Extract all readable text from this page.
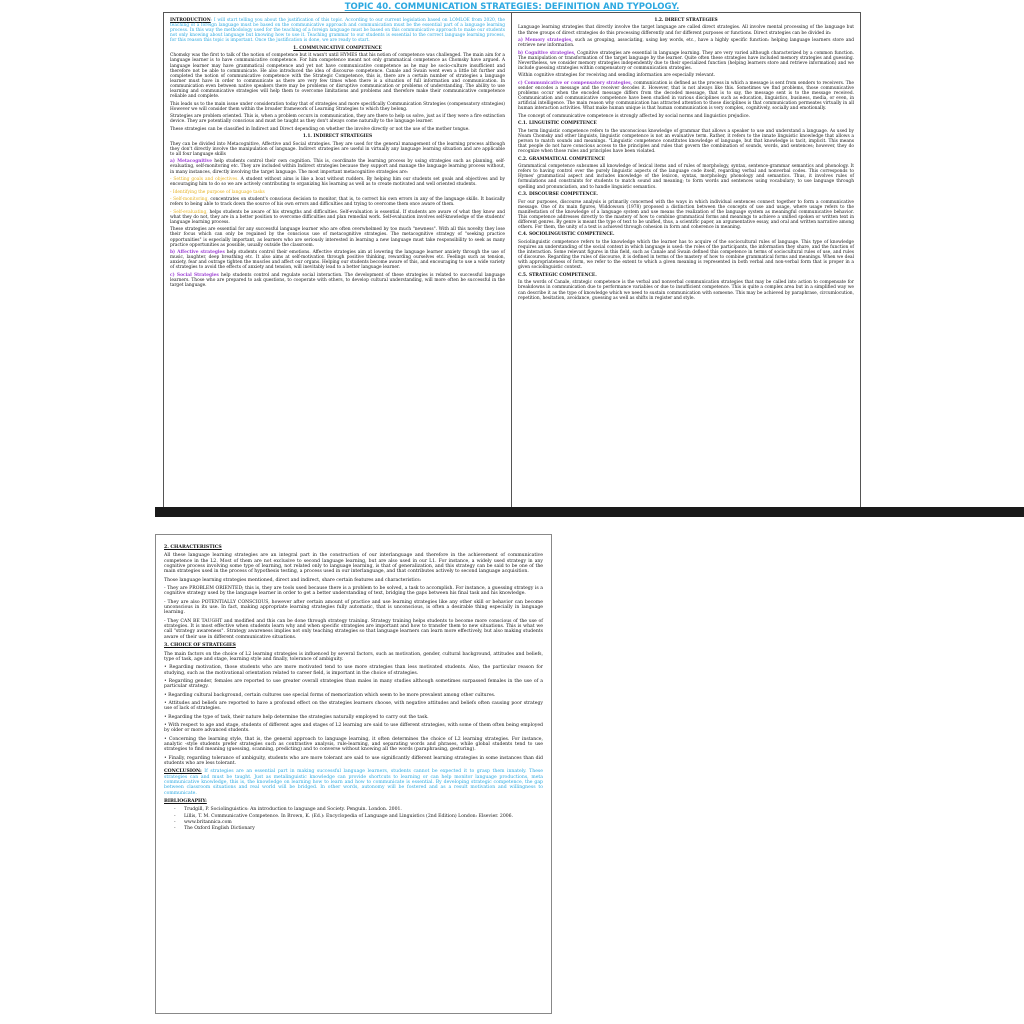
TOPIC 40. COMMUNICATION STRATEGIES: DEFINITION AND TYPOLOGY.

INTRODUCTION: I will start telling you about the justification of this topic. According to our current legislation based on LOMLOE from 2020, the teaching of a foreign language must be based on the communicative approach and communication must be the essential part of a language learning process. In this way the methodology used for the teaching of a foreign language must be based on this communicative approach to make our students not only knowing about language but knowing how to use it. Teaching grammar to our students is essential to the correct language learning process, for this reason this topic is important. Once the justification is done, we are ready to start.

1. COMMUNICATIVE COMPETENCE

Chomsky was the first to talk of the notion of competence but it wasn't until HYMES that his notion of competence was challenged. The main aim for a language learner is to have communicative competence. For him competence meant not only grammatical competence as Chomsky have argued. A language learner may have grammatical competence and yet not have communicative competence as he may be socio-culture insufficient and therefore not be able to communicate. He also introduced the idea of discourse competence. Canale and Swain went even a little bit further and completed the notion of communicative competence with the Strategic Competence, this is, there are a certain number of strategies a language learner must have in order to communicate as there are very few times when there is a situation of full information and communication. In communication even between native speakers there may be problems or disruptive communication or problems of understanding. The ability to use learning and communicative strategies will help them to overcome limitations and problems and therefore make their communicative competence reliable and complete.

This leads us to the main issue under consideration today that of strategies and more specifically Communication Strategies (compensatory strategies) However we will consider them within the broader framework of Learning Strategies to which they belong.

Strategies are problem oriented. This is, when a problem occurs in communication, they are there to help us solve, just as if they were a fire extinction device. They are potentially conscious and must be taught as they don't always come naturally to the language learner.

These strategies can be classified in Indirect and Direct depending on whether the involve directly or not the use of the mother tongue.

1.1. INDIRECT STRATEGIES

They can be divided into Metacognitive, Affective and Social strategies. They are used for the general management of the learning process although they don't directly involve the manipulation of language. Indirect strategies are useful in virtually any language learning situation and are applicable to all four language skills

a) Metacognitive help students control their own cognition. This is, coordinate the learning process by using strategies such as planning, self-evaluating, self-monitoring etc. They are included within Indirect strategies because they support and manage the language learning process without, in many instances, directly involving the target language. The most important metacognitive strategies are:

- Setting goals and objectives. A student without aims is like a boat without rudders. By helping him our students set goals and objectives and by encouraging him to do so we are actively contributing to organizing his learning as well as to create motivated and well oriented students.

- Identifying the purpose of language tasks

- Self-monitoring, concentrates on student's conscious decision to monitor, that is, to correct his own errors in any of the language skills. It basically refers to being able to track down the source of his own errors and difficulties and trying to overcome them once aware of them.

- Self-evaluating, helps students be aware of his strengths and difficulties. Self-evaluation is essential. If students are aware of what they know and what they do not, they are in a better position to overcome difficulties and plan remedial work. Self-evaluation involves self-knowledge of the students' language learning process.

These strategies are essential for any successful language learner who are often overwhelmed by too much "newness". With all this novelty they lose their focus which can only be regained by the conscious use of metacognitive strategies. The metacognitive strategy of "seeking practice opportunities" is especially important, as learners who are seriously interested in learning a new language must take responsibility to seek as many practice opportunities as possible, usually outside the classroom.

b) Affective strategies help students control their emotions. Affective strategies aim at lowering the language learner anxiety through the use of music, laughter, deep breathing etc. It also aims at self-motivation through positive thinking, rewarding ourselves etc. Feelings such as tension, anxiety, fear and outrage tighten the muscles and affect our organs. Helping our students become aware of this, and encouraging to use a wide variety of strategies to avoid the effects of anxiety and tension, will inevitably lead to a better language learner.

c) Social Strategies help students control and regulate social interaction. The development of these strategies is related to successful language learners. Those who are prepared to ask questions, to cooperate with others, to develop cultural understanding, will more often be successful in the target language.

1.2. DIRECT STRATEGIES

Language learning strategies that directly involve the target language are called direct strategies. All involve mental processing of the language but the three groups of direct strategies do this processing differently and for different purposes or functions. Direct strategies can be divided in:

a) Memory strategies, such as grouping, associating, using key words, etc., have a highly specific function: helping language learners store and retrieve new information.

b) Cognitive strategies, Cognitive strategies are essential in language learning. They are very varied although characterized by a common function. The manipulation or transformation of the target language by the learner. Quite often these strategies have included memory strategies and guessing. Nevertheless, we consider memory strategies independently due to their specialized function (helping learners store and retrieve information) and we include guessing strategies within compensatory or communication strategies.

Within cognitive strategies for receiving and sending information are especially relevant.

c) Communicative or compensatory strategies, communication is defined as the process in which a message is sent from senders to receivers. The sender encodes a message and the receiver decodes it. However, that is not always like this. Sometimes we find problems, those communicative problems occur when the encoded message differs from the decoded message, that is to say, the message sent is to the message received. Communication and communicative competence have been studied in various disciplines such as education, linguistics, business, media, or even, in artificial intelligence. The main reason why communication has attracted attention to those disciplines is that communication permeates virtually in all human interaction activities. What make human unique is that human communication is very complex, cognitively, socially and emotionally.

The concept of communicative competence is strongly affected by social norms and linguistics prejudice.

C.1. LINGUISTIC COMPETENCE

The term linguistic competence refers to the unconscious knowledge of grammar that allows a speaker to use and understand a language. As used by Noam Chomsky and other linguists, linguistic competence is not an evaluative term. Rather, it refers to the innate linguistic knowledge that allows a person to match sounds and meanings. "Linguistic competence constitutes knowledge of language, but that knowledge is tacit, implicit. This means that people do not have conscious access to the principles and rules that govern the combination of sounds, words, and sentences; however, they do recognize when those rules and principles have been violated.

C.2. GRAMMATICAL COMPETENCE

Grammatical competence subsumes all knowledge of lexical items and of rules of morphology, syntax, sentence-grammar semantics and phonology. It refers to having control over the purely linguistic aspects of the language code itself, regarding verbal and nonverbal codes. This corresponds to Hymes' grammatical aspect and includes knowledge of the lexicon, syntax, morphology, phonology and semantics. Thus, it involves rules of formulations and constraints for students to match sound and meaning; to form words and sentences using vocabulary; to use language through spelling and pronunciation, and to handle linguistic semantics.

C.3. DISCOURSE COMPETENCE.

For our purposes, discourse analysis is primarily concerned with the ways in which individual sentences connect together to form a communicative message. One of its main figures, Widdowson (1978) proposed a distinction between the concepts of use and usage, where usage refers to the manifestation of the knowledge of a language system and use means the realization of the language system as meaningful communicative behavior. This competence addresses directly to the mastery of how to combine grammatical forms and meanings to achieve a unified spoken or written text in different genres. By genre is meant the type of text to be unified, thus, a scientific paper, an argumentative essay, and oral and written narrative among others. For them, the unity of a text is achieved through cohesion in form and coherence in meaning.

C.4. SOCIOLINGUISTIC COMPETENCE.

Sociolinguistic competence refers to the knowledge which the learner has to acquire of the sociocultural rules of language. This type of knowledge requires an understanding of the social context in which language is used: the roles of the participants, the information they share, and the function of the interaction. Some relevant figures in this field, such as Canale and Swain defined this competence in terms of sociocultural rules of use, and rules of discourse. Regarding the rules of discourse, it is defined in terms of the mastery of how to combine grammatical forms and meanings. When we deal with appropriateness of form, we refer to the extent to which a given meaning is represented in both verbal and non-verbal form that is proper in a given sociolinguistic context.

C.5. STRATEGIC COMPETENCE.

In the words of Canale, strategic competence is the verbal and nonverbal communication strategies that may be called into action to compensate for breakdowns in communication due to performance variables or due to insufficient competence. This is quite a complex area but in a simplified way we can describe it as the type of knowledge which we need to sustain communication with someone. This may be achieved by paraphrase, circumlocution, repetition, hesitation, avoidance, guessing as well as shifts in register and style.

2. CHARACTERISTICS

All these language learning strategies are an integral part in the construction of our interlanguage and therefore in the achievement of communicative competence in the L2. Most of them are not exclusive to second language learning, but are also used in our L1. For instance, a widely used strategy in any cognitive process involving some type of learning, not related only to language learning, is that of generalization, and this strategy can be said to be one of the main strategies used in the process of hypothesis testing, a process used in our interlanguage, and that contributes actively to second language acquisition.

Those language learning strategies mentioned, direct and indirect, share certain features and characteristics:

- They are PROBLEM ORIENTED; this is, they are tools used because there is a problem to be solved, a task to accomplish. For instance, a guessing strategy is a cognitive strategy used by the language learner in order to get a better understanding of text, bridging the gaps between his final task and his knowledge.

- They are also POTENTIALLY CONSCIOUS, however after certain amount of practice and use learning strategies like any other skill or behavior can become unconscious in its use. In fact, making appropriate learning strategies fully automatic, that is unconscious, is often a desirable thing especially in language learning.

- They CAN BE TAUGHT and modified and this can be done through strategy training. Strategy training helps students to become more conscious of the use of strategies. It is most effective when students learn why and when specific strategies are important and how to transfer them to new situations. This is what we call "strategy awareness". Strategy awareness implies not only teaching strategies so that language learners can learn more effectively, but also making students aware of their use in different communicative situations.

3. CHOICE OF STRATEGIES

The main factors on the choice of L2 learning strategies is influenced by several factors, such as motivation, gender, cultural background, attitudes and beliefs, type of task, age and stage, learning style and finally, tolerance of ambiguity.

• Regarding motivation, those students who are more motivated tend to use more strategies than less motivated students. Also, the particular reason for studying, such as the motivational orientation related to career field, is important in the choice of strategies.

• Regarding gender, females are reported to use greater overall strategies than males in many studies although sometimes surpassed females in the use of a particular strategy.

• Regarding cultural background, certain cultures use special forms of memorization which seem to be more prevalent among other cultures.

• Attitudes and beliefs are reported to have a profound effect on the strategies learners choose, with negative attitudes and beliefs often causing poor strategy use of lack of strategies.

• Regarding the type of task, their nature help determine the strategies naturally employed to carry out the task.

• With respect to age and stage, students of different ages and stages of L2 learning are said to use different strategies, with some of them often being employed by older or more advanced students.

• Concerning the learning style, that is, the general approach to language learning, it often determines the choice of L2 learning strategies. For instance, analytic -style students prefer strategies such as contrastive analysis, rule-learning, and separating words and phrases, while global students tend to use strategies to find meaning (guessing, scanning, predicting) and to converse without knowing all the words (paraphrasing, gesturing).

• Finally, regarding tolerance of ambiguity, students who are more tolerant are said to use significantly different learning strategies in some instances than did students who are less tolerant.

CONCLUSION: If strategies are an essential part in making successful language learners, students cannot be expected it to grasp them innately. These strategies can and must be taught. Just as metalinguistic knowledge can provide shortcuts to learning or can help monitor language productions, meta communicative knowledge, this is, the knowledge on learning how to learn and how to communicate is essential. By developing strategic competence, the gap between classroom situations and real world will be bridged. In other words, autonomy will be fostered and as a result motivation and willingness to communicate.

BIBLIOGRAPHY:

- Trudgill, P. Sociolinguistics: An introduction to language and Society. Penguin. London. 2001.
- Lillis, T. M. Communicative Competence. In Brown, K. (Ed.): Encyclopedia of Language and Linguistics (2nd Edition) London: Elsevier. 2006.
- www.britannica.com
- The Oxford English Dictionary
